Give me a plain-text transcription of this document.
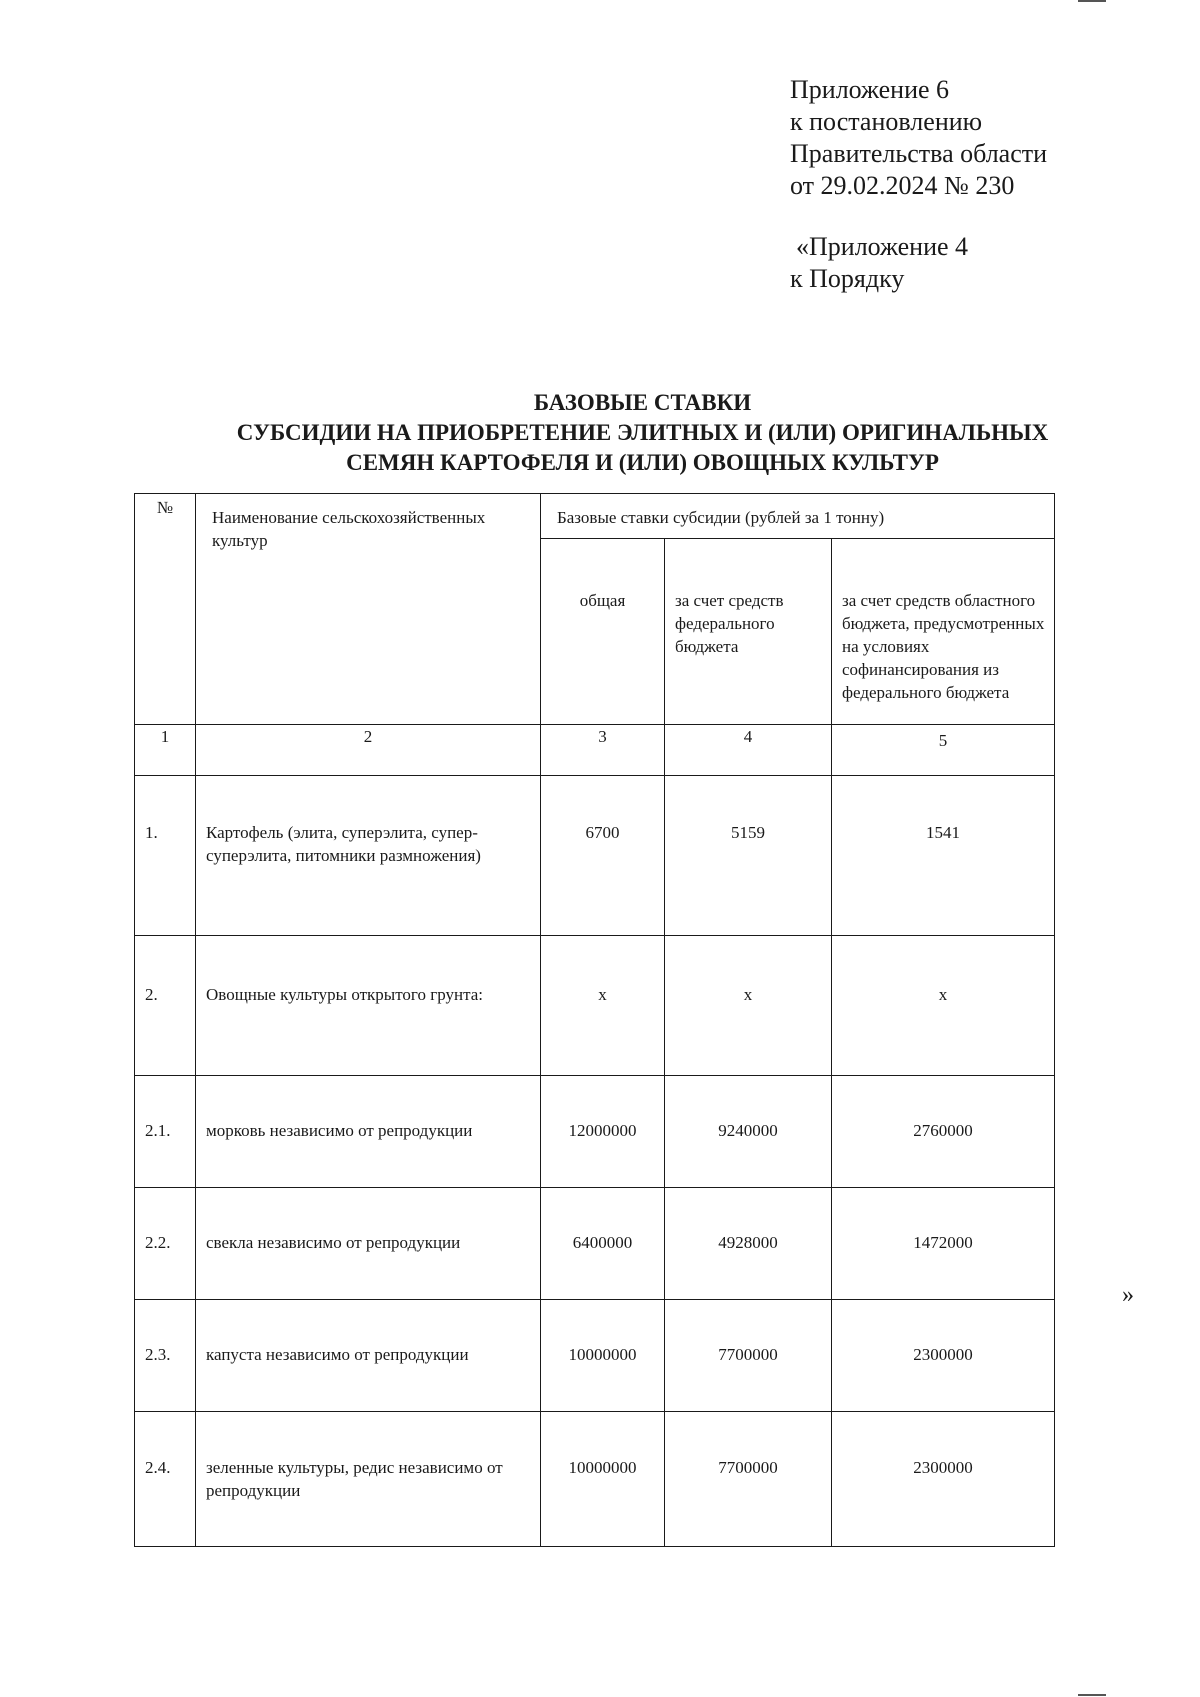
Приложение 6
к постановлению
Правительства области
от 29.02.2024 № 230
«Приложение 4
к Порядку
БАЗОВЫЕ СТАВКИ
СУБСИДИИ НА ПРИОБРЕТЕНИЕ ЭЛИТНЫХ И (ИЛИ) ОРИГИНАЛЬНЫХ
СЕМЯН КАРТОФЕЛЯ И (ИЛИ) ОВОЩНЫХ КУЛЬТУР
№	Наименование сельскохозяйственных культур	Базовые ставки субсидии (рублей за 1 тонну)		
		общая	за счет средств федерального бюджета	за счет средств областного бюджета, предусмотренных на условиях софинансирования из федерального бюджета
1	2	3	4	5
1.	Картофель (элита, суперэлита, супер-суперэлита, питомники размножения)	6700	5159	1541
2.	Овощные культуры открытого грунта:	x	x	x
2.1.	морковь независимо от репродукции	12000000	9240000	2760000
2.2.	свекла независимо от репродукции	6400000	4928000	1472000
2.3.	капуста независимо от репродукции	10000000	7700000	2300000
2.4.	зеленные культуры, редис независимо от репродукции	10000000	7700000	2300000
»
